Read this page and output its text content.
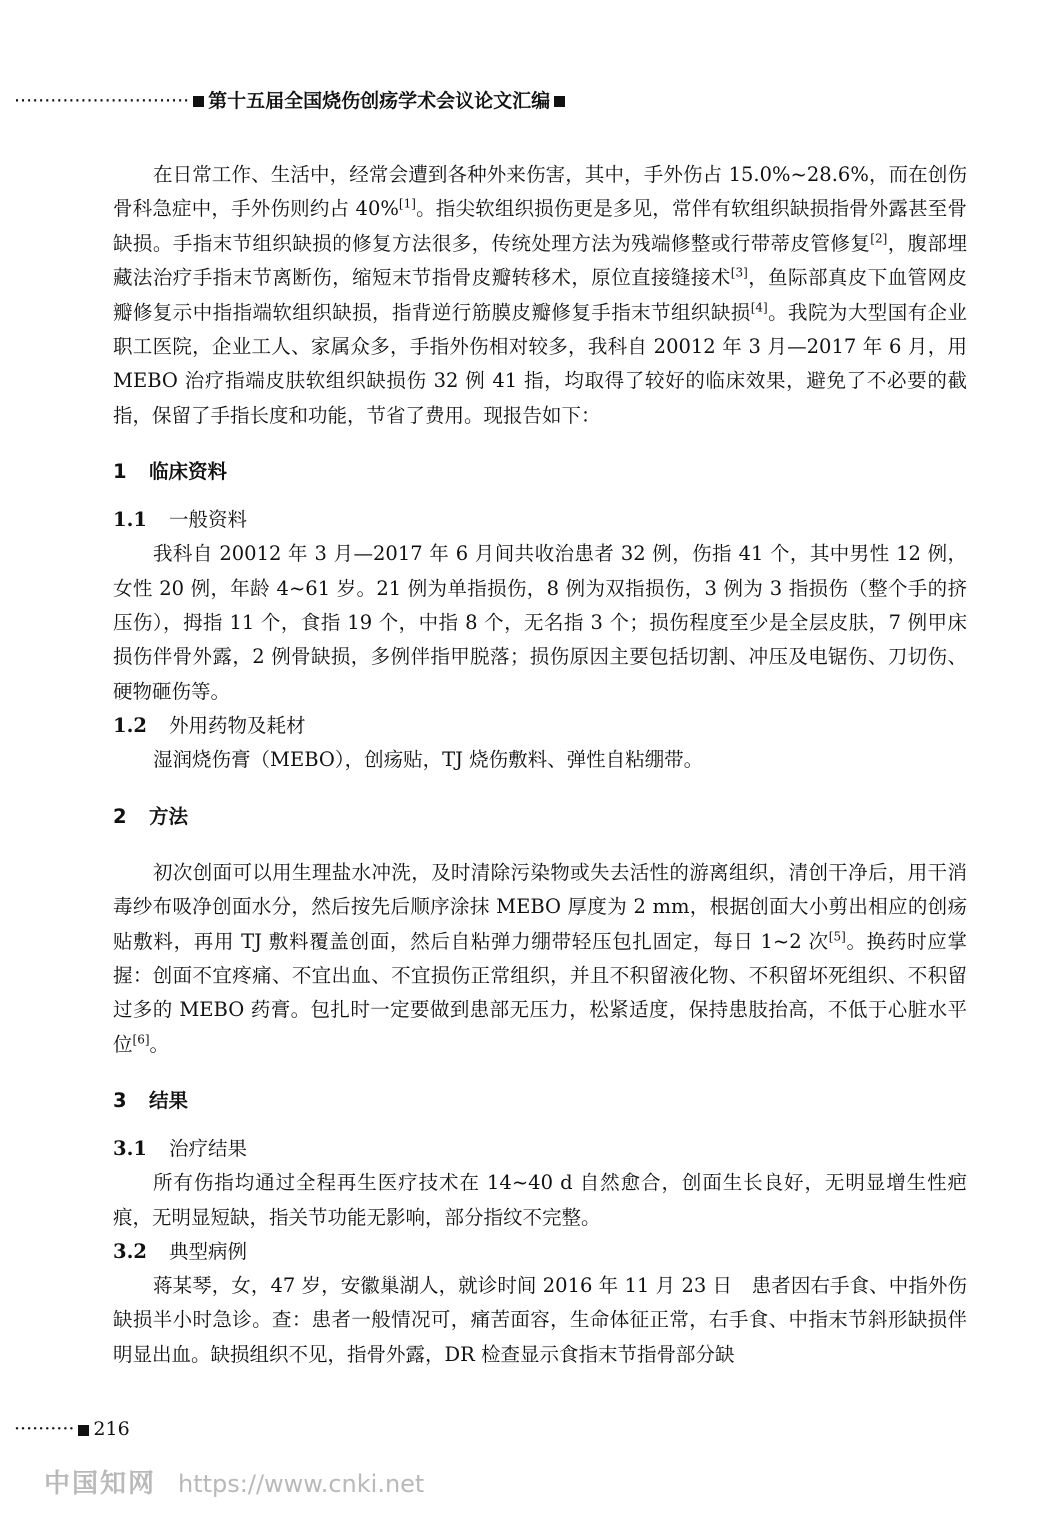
····························· 第十五届全国烧伤创疡学术会议论文汇编

在日常工作、生活中，经常会遭到各种外来伤害，其中，手外伤占 15.0%~28.6%，而在创伤骨科急症中，手外伤则约占 40%[1]。指尖软组织损伤更是多见，常伴有软组织缺损指骨外露甚至骨缺损。手指末节组织缺损的修复方法很多，传统处理方法为残端修整或行带蒂皮管修复[2]，腹部埋藏法治疗手指末节离断伤，缩短末节指骨皮瓣转移术，原位直接缝接术[3]，鱼际部真皮下血管网皮瓣修复示中指指端软组织缺损，指背逆行筋膜皮瓣修复手指末节组织缺损[4]。我院为大型国有企业职工医院，企业工人、家属众多，手指外伤相对较多，我科自 20012 年 3 月—2017 年 6 月，用 MEBO 治疗指端皮肤软组织缺损伤 32 例 41 指，均取得了较好的临床效果，避免了不必要的截指，保留了手指长度和功能，节省了费用。现报告如下：

1 临床资料
1.1 一般资料

我科自 20012 年 3 月—2017 年 6 月间共收治患者 32 例，伤指 41 个，其中男性 12 例，女性 20 例，年龄 4~61 岁。21 例为单指损伤，8 例为双指损伤，3 例为 3 指损伤（整个手的挤压伤），拇指 11 个，食指 19 个，中指 8 个，无名指 3 个；损伤程度至少是全层皮肤，7 例甲床损伤伴骨外露，2 例骨缺损，多例伴指甲脱落；损伤原因主要包括切割、冲压及电锯伤、刀切伤、硬物砸伤等。

1.2 外用药物及耗材

湿润烧伤膏（MEBO），创疡贴，TJ 烧伤敷料、弹性自粘绷带。

2 方法

初次创面可以用生理盐水冲洗，及时清除污染物或失去活性的游离组织，清创干净后，用干消毒纱布吸净创面水分，然后按先后顺序涂抹 MEBO 厚度为 2 mm，根据创面大小剪出相应的创疡贴敷料，再用 TJ 敷料覆盖创面，然后自粘弹力绷带轻压包扎固定，每日 1~2 次[5]。换药时应掌握：创面不宜疼痛、不宜出血、不宜损伤正常组织，并且不积留液化物、不积留坏死组织、不积留过多的 MEBO 药膏。包扎时一定要做到患部无压力，松紧适度，保持患肢抬高，不低于心脏水平位[6]。

3 结果
3.1 治疗结果

所有伤指均通过全程再生医疗技术在 14~40 d 自然愈合，创面生长良好，无明显增生性疤痕，无明显短缺，指关节功能无影响，部分指纹不完整。

3.2 典型病例

蒋某琴，女，47 岁，安徽巢湖人，就诊时间 2016 年 11 月 23 日　患者因右手食、中指外伤缺损半小时急诊。查：患者一般情况可，痛苦面容，生命体征正常，右手食、中指末节斜形缺损伴明显出血。缺损组织不见，指骨外露，DR 检查显示食指末节指骨部分缺

·········· 216
中国知网 https://www.cnki.net
